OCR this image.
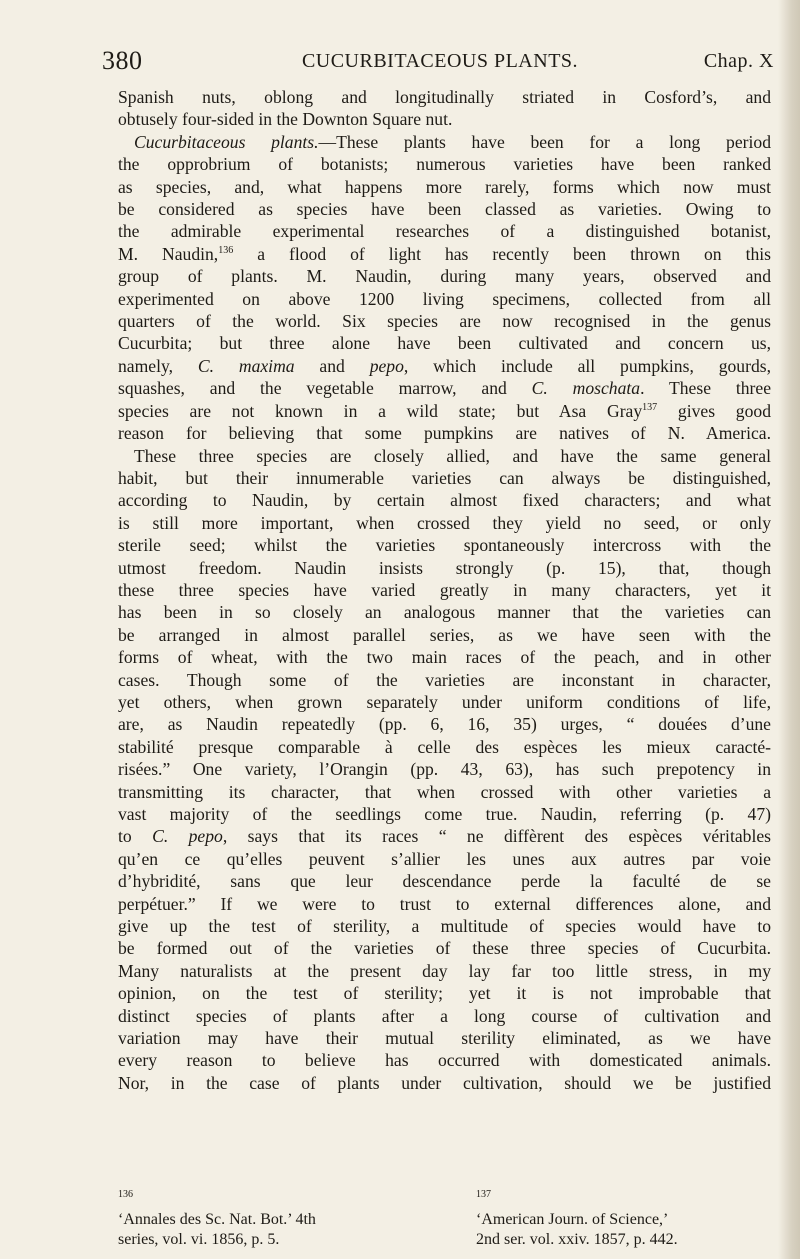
380	CUCURBITACEOUS PLANTS.	Chap. X
Spanish nuts, oblong and longitudinally striated in Cosford’s, and
obtusely four-sided in the Downton Square nut.
Cucurbitaceous plants.—These plants have been for a long period
the opprobrium of botanists; numerous varieties have been ranked
as species, and, what happens more rarely, forms which now must
be considered as species have been classed as varieties. Owing to
the admirable experimental researches of a distinguished botanist,
M. Naudin,$^{136}$ a flood of light has recently been thrown on this
group of plants. M. Naudin, during many years, observed and
experimented on above 1200 living specimens, collected from all
quarters of the world. Six species are now recognised in the genus
Cucurbita; but three alone have been cultivated and concern us,
namely, C. maxima and pepo, which include all pumpkins, gourds,
squashes, and the vegetable marrow, and C. moschata. These three
species are not known in a wild state; but Asa Gray$^{137}$ gives good
reason for believing that some pumpkins are natives of N. America.
These three species are closely allied, and have the same general
habit, but their innumerable varieties can always be distinguished,
according to Naudin, by certain almost fixed characters; and what
is still more important, when crossed they yield no seed, or only
sterile seed; whilst the varieties spontaneously intercross with the
utmost freedom. Naudin insists strongly (p. 15), that, though
these three species have varied greatly in many characters, yet it
has been in so closely an analogous manner that the varieties can
be arranged in almost parallel series, as we have seen with the
forms of wheat, with the two main races of the peach, and in other
cases. Though some of the varieties are inconstant in character,
yet others, when grown separately under uniform conditions of life,
are, as Naudin repeatedly (pp. 6, 16, 35) urges, “ douées d’une
stabilité presque comparable à celle des espèces les mieux caracté-
risées.” One variety, l’Orangin (pp. 43, 63), has such prepotency in
transmitting its character, that when crossed with other varieties a
vast majority of the seedlings come true. Naudin, referring (p. 47)
to C. pepo, says that its races “ ne diffèrent des espèces véritables
qu’en ce qu’elles peuvent s’allier les unes aux autres par voie
d’hybridité, sans que leur descendance perde la faculté de se
perpétuer.” If we were to trust to external differences alone, and
give up the test of sterility, a multitude of species would have to
be formed out of the varieties of these three species of Cucurbita.
Many naturalists at the present day lay far too little stress, in my
opinion, on the test of sterility; yet it is not improbable that
distinct species of plants after a long course of cultivation and
variation may have their mutual sterility eliminated, as we have
every reason to believe has occurred with domesticated animals.
Nor, in the case of plants under cultivation, should we be justified
$^{136}$
‘Annales des Sc. Nat. Bot.’ 4th
series, vol. vi. 1856, p. 5.
$^{137}$
‘American Journ. of Science,’
2nd ser. vol. xxiv. 1857, p. 442.
